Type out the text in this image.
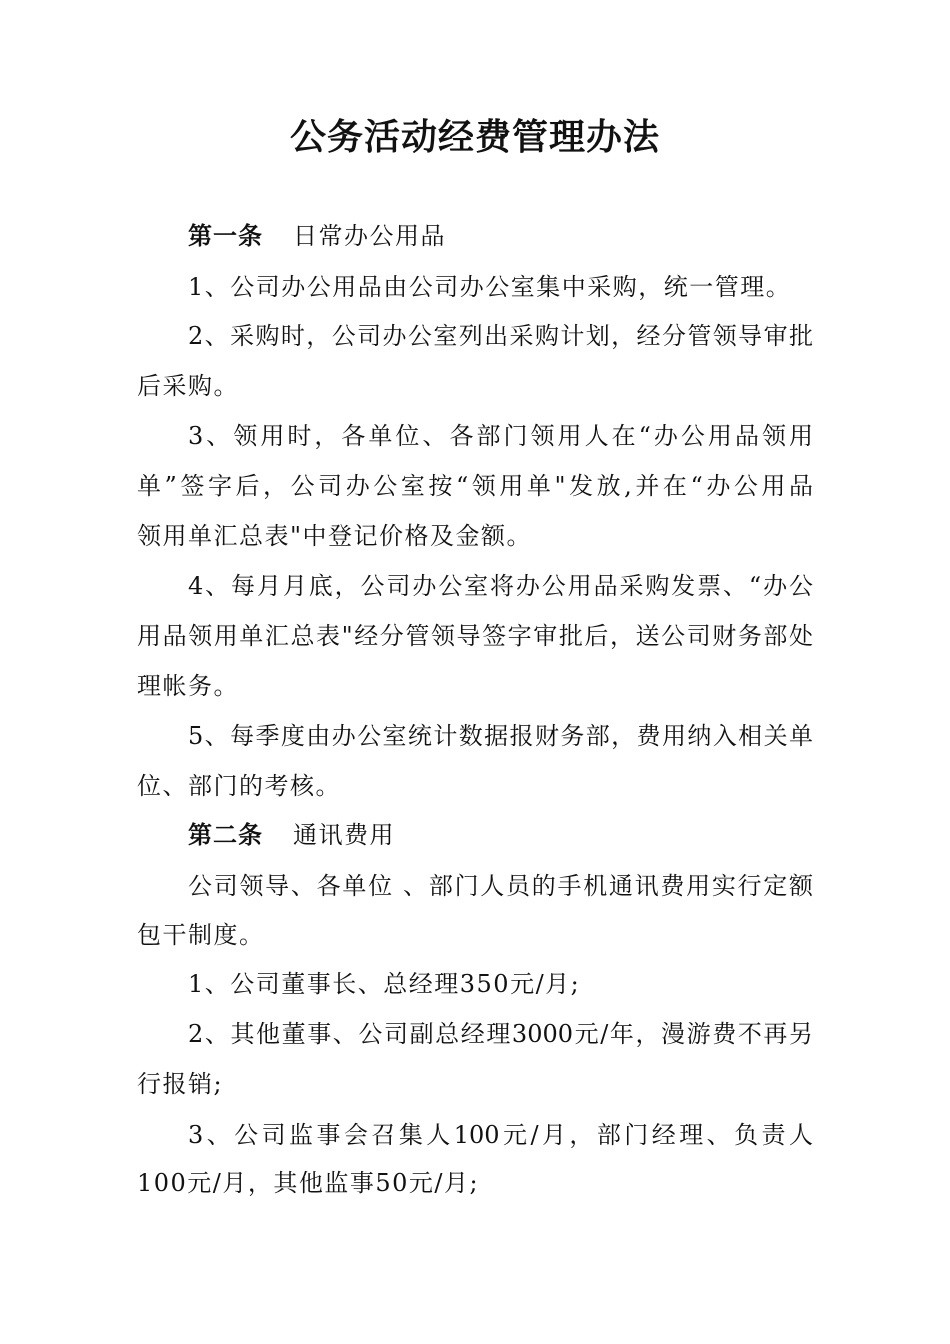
公务活动经费管理办法
第一条 日常办公用品
1、公司办公用品由公司办公室集中采购，统一管理。
2、采购时，公司办公室列出采购计划，经分管领导审批
后采购。
3、领用时，各单位、各部门领用人在“办公用品领用
单”签字后，公司办公室按“领用单"发放,并在“办公用品
领用单汇总表"中登记价格及金额。
4、每月月底，公司办公室将办公用品采购发票、“办公
用品领用单汇总表"经分管领导签字审批后，送公司财务部处
理帐务。
5、每季度由办公室统计数据报财务部，费用纳入相关单
位、部门的考核。
第二条 通讯费用
公司领导、各单位 、部门人员的手机通讯费用实行定额
包干制度。
1、公司董事长、总经理350元/月;
2、其他董事、公司副总经理3000元/年，漫游费不再另
行报销;
3、公司监事会召集人100元/月，部门经理、负责人
100元/月，其他监事50元/月;
